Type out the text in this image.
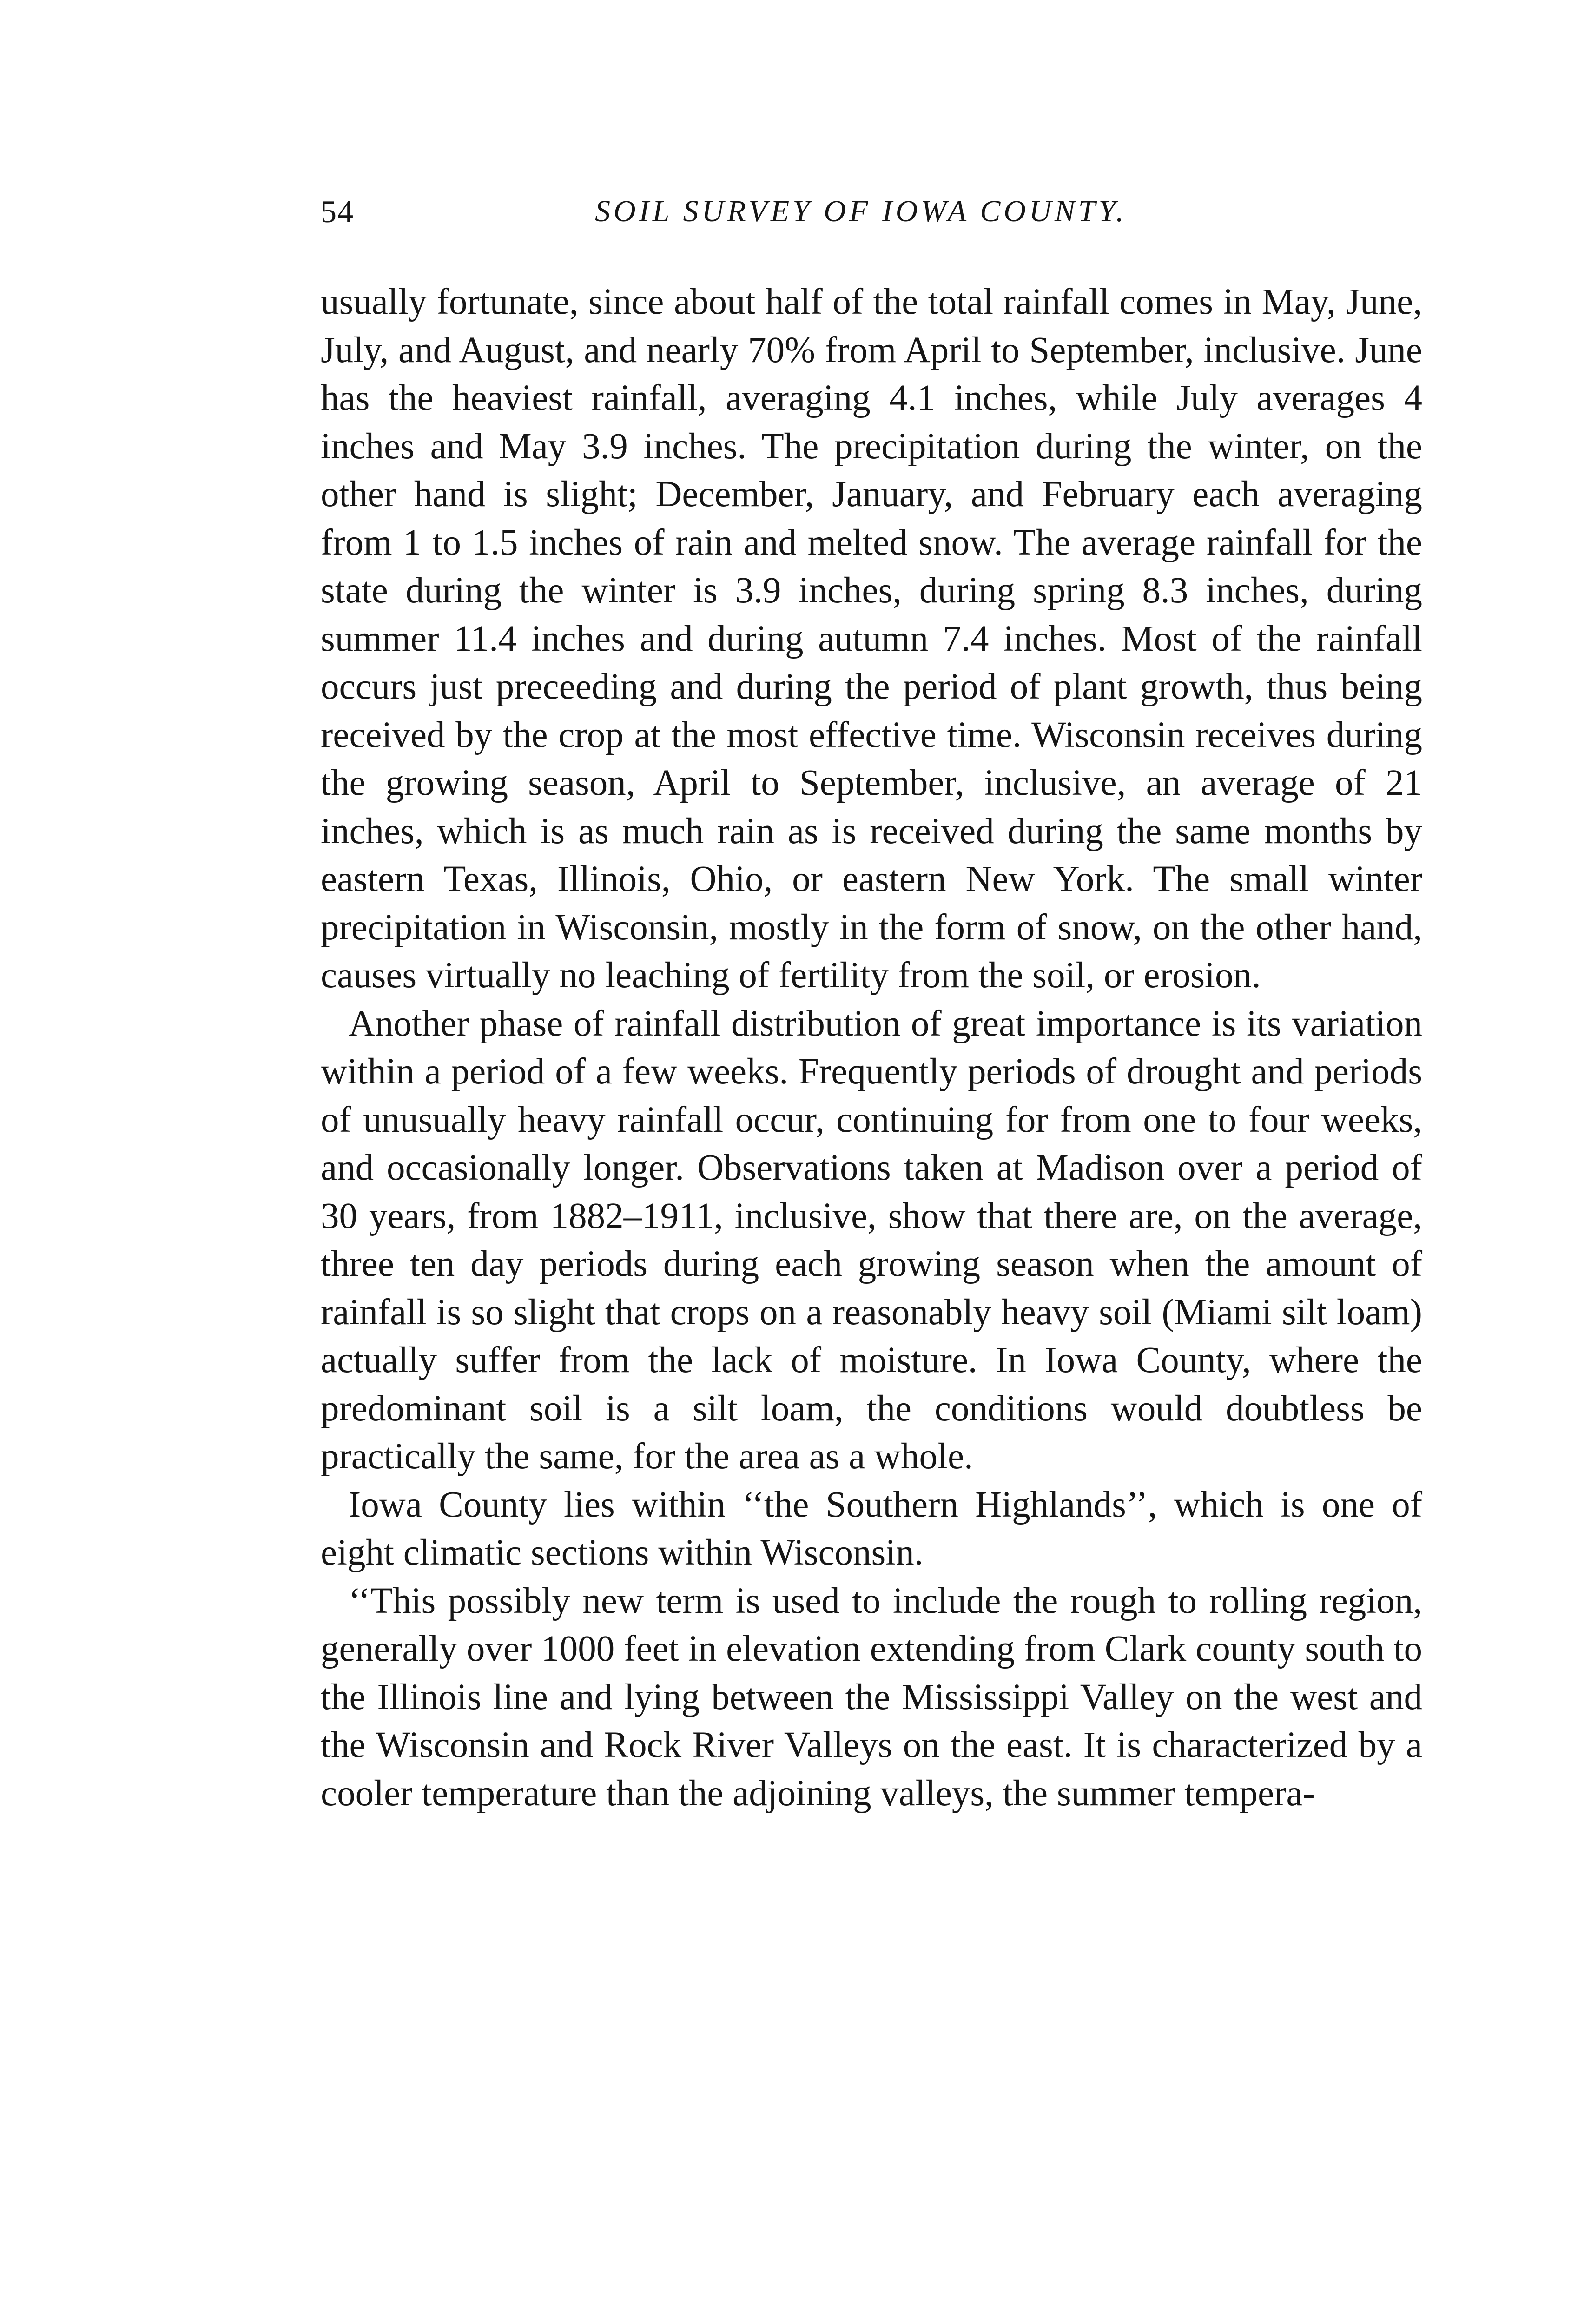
54	SOIL SURVEY OF IOWA COUNTY.

usually fortunate, since about half of the total rainfall comes in May, June, July, and August, and nearly 70% from April to September, inclusive. June has the heaviest rainfall, averaging 4.1 inches, while July averages 4 inches and May 3.9 inches. The precipitation during the winter, on the other hand is slight; December, January, and February each averaging from 1 to 1.5 inches of rain and melted snow. The average rainfall for the state during the winter is 3.9 inches, during spring 8.3 inches, during summer 11.4 inches and during autumn 7.4 inches. Most of the rainfall occurs just preceeding and during the period of plant growth, thus being received by the crop at the most effective time. Wisconsin receives during the growing season, April to September, inclusive, an average of 21 inches, which is as much rain as is received during the same months by eastern Texas, Illinois, Ohio, or eastern New York. The small winter precipitation in Wisconsin, mostly in the form of snow, on the other hand, causes virtually no leaching of fertility from the soil, or erosion.

Another phase of rainfall distribution of great importance is its variation within a period of a few weeks. Frequently periods of drought and periods of unusually heavy rainfall occur, continuing for from one to four weeks, and occasionally longer. Observations taken at Madison over a period of 30 years, from 1882–1911, inclusive, show that there are, on the average, three ten day periods during each growing season when the amount of rainfall is so slight that crops on a reasonably heavy soil (Miami silt loam) actually suffer from the lack of moisture. In Iowa County, where the predominant soil is a silt loam, the conditions would doubtless be practically the same, for the area as a whole.

Iowa County lies within ‘‘the Southern Highlands’’, which is one of eight climatic sections within Wisconsin.

‘‘This possibly new term is used to include the rough to rolling region, generally over 1000 feet in elevation extending from Clark county south to the Illinois line and lying between the Mississippi Valley on the west and the Wisconsin and Rock River Valleys on the east. It is characterized by a cooler temperature than the adjoining valleys, the summer tempera-
